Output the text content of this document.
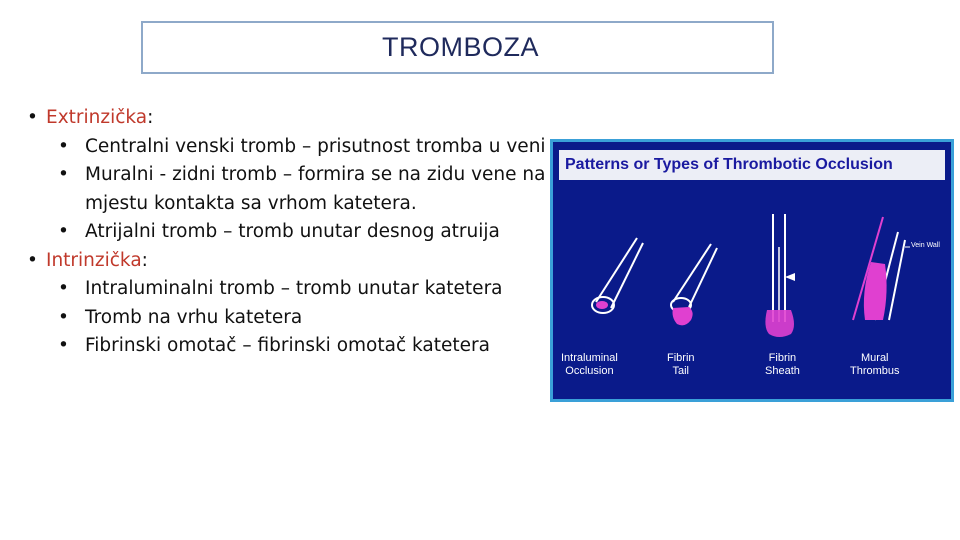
TROMBOZA
• Extrinzička:
• Centralni venski tromb – prisutnost tromba u veni
• Muralni - zidni tromb – formira se na zidu vene na mjestu kontakta sa vrhom katetera.
• Atrijalni tromb – tromb unutar desnog atruija
• Intrinzička:
• Intraluminalni tromb – tromb unutar katetera
• Tromb na vrhu katetera
• Fibrinski omotač – fibrinski omotač katetera
Patterns or Types of Thrombotic Occlusion
Vein Wall
Intraluminal
Occlusion
Fibrin
Tail
Fibrin
Sheath
Mural
Thrombus
